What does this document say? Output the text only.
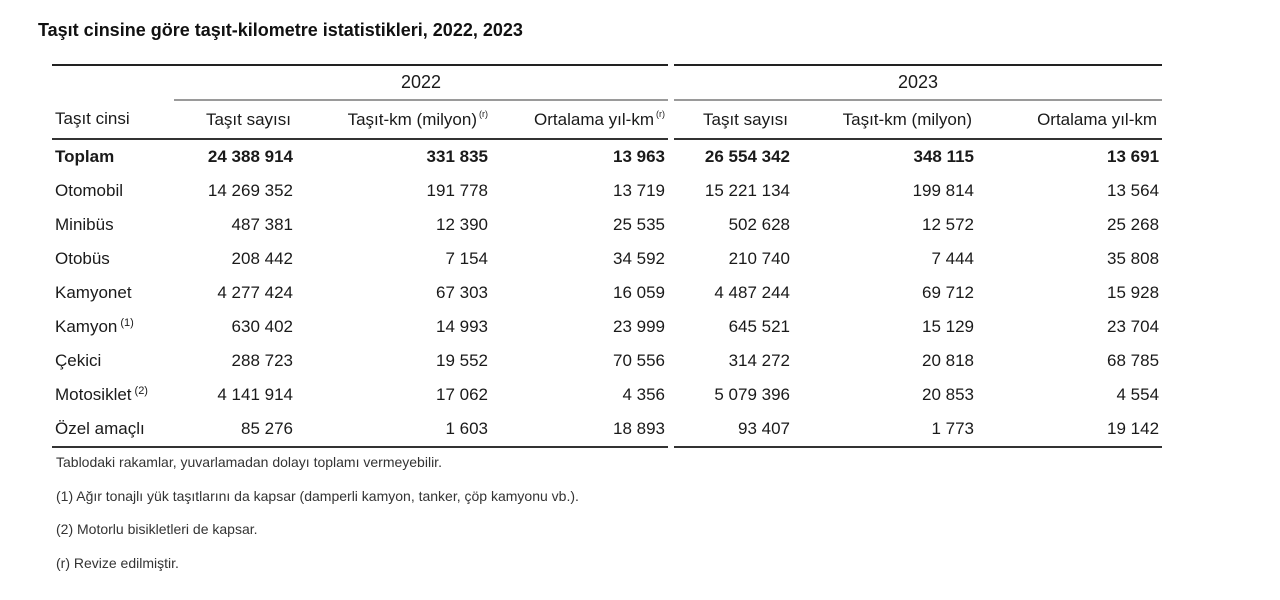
Taşıt cinsine göre taşıt-kilometre istatistikleri, 2022, 2023
	2022			2023		
Taşıt cinsi	Taşıt sayısı	Taşıt-km (milyon) $^{(r)}$	Ortalama yıl-km $^{(r)}$	Taşıt sayısı	Taşıt-km (milyon)	Ortalama yıl-km
Toplam	24 388 914	331 835	13 963	26 554 342	348 115	13 691
Otomobil	14 269 352	191 778	13 719	15 221 134	199 814	13 564
Minibüs	487 381	12 390	25 535	502 628	12 572	25 268
Otobüs	208 442	7 154	34 592	210 740	7 444	35 808
Kamyonet	4 277 424	67 303	16 059	4 487 244	69 712	15 928
Kamyon $^{(1)}$	630 402	14 993	23 999	645 521	15 129	23 704
Çekici	288 723	19 552	70 556	314 272	20 818	68 785
Motosiklet $^{(2)}$	4 141 914	17 062	4 356	5 079 396	20 853	4 554
Özel amaçlı	85 276	1 603	18 893	93 407	1 773	19 142
Tablodaki rakamlar, yuvarlamadan dolayı toplamı vermeyebilir.
(1) Ağır tonajlı yük taşıtlarını da kapsar (damperli kamyon, tanker, çöp kamyonu vb.).
(2) Motorlu bisikletleri de kapsar.
(r) Revize edilmiştir.
